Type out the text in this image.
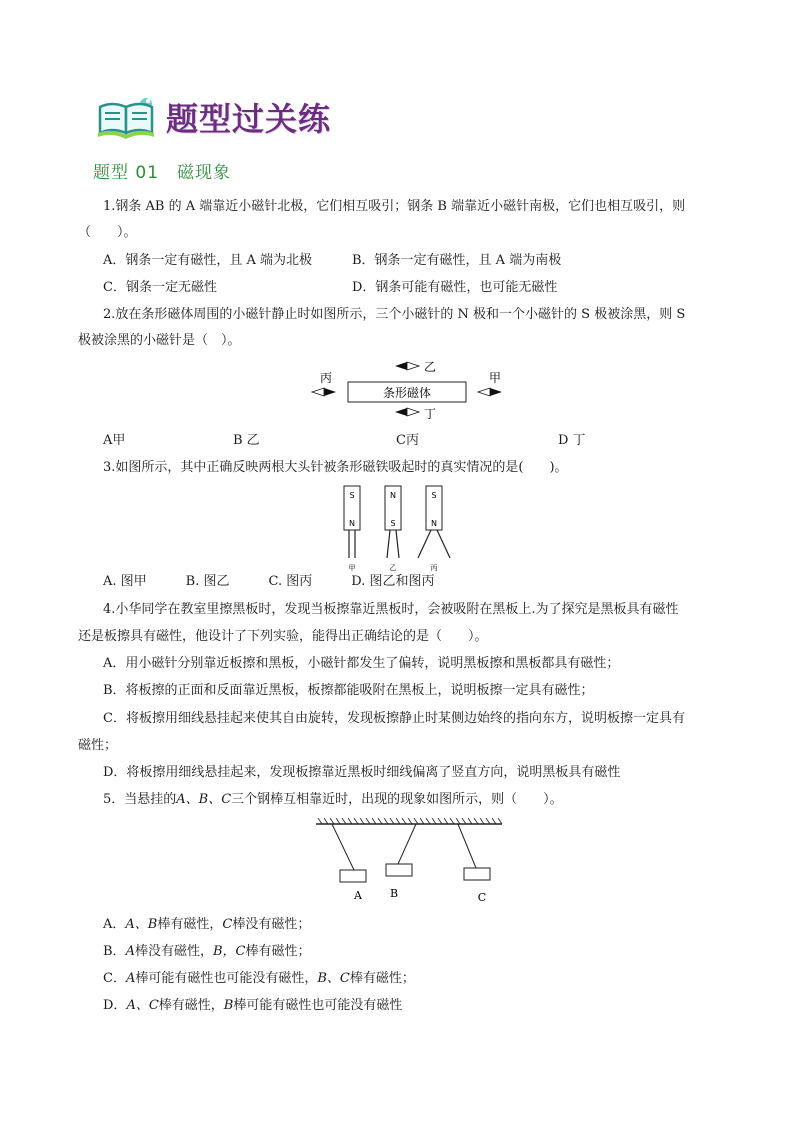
题型过关练
题型 01 磁现象
1.钢条 AB 的 A 端靠近小磁针北极，它们相互吸引；钢条 B 端靠近小磁针南极，它们也相互吸引，则
（　　）。
A．钢条一定有磁性，且 A 端为北极	B．钢条一定有磁性，且 A 端为南极
C．钢条一定无磁性	D．钢条可能有磁性，也可能无磁性
2.放在条形磁体周围的小磁针静止时如图所示，三个小磁针的 N 极和一个小磁针的 S 极被涂黑，则 S
极被涂黑的小磁针是（　）。
条形磁体
乙
丁
丙	甲
A甲	B 乙	C丙	D 丁
3.如图所示，其中正确反映两根大头针被条形磁铁吸起时的真实情况的是(　　)。
S
N
甲
N
S
乙
S
N
丙
A. 图甲　　　B. 图乙　　　C. 图丙　　　D. 图乙和图丙
4.小华同学在教室里擦黑板时，发现当板擦靠近黑板时，会被吸附在黑板上.为了探究是黑板具有磁性
还是板擦具有磁性，他设计了下列实验，能得出正确结论的是（　　）。
A．用小磁针分别靠近板擦和黑板，小磁针都发生了偏转，说明黑板擦和黑板都具有磁性；
B．将板擦的正面和反面靠近黑板，板擦都能吸附在黑板上，说明板擦一定具有磁性；
C．将板擦用细线悬挂起来使其自由旋转，发现板擦静止时某侧边始终的指向东方，说明板擦一定具有
磁性；
D．将板擦用细线悬挂起来，发现板擦靠近黑板时细线偏离了竖直方向，说明黑板具有磁性
5．当悬挂的A、B、C三个钢棒互相靠近时，出现的现象如图所示，则（　　）。
A	B	C
A．A、B棒有磁性，C棒没有磁性；
B．A棒没有磁性，B，C棒有磁性；
C．A棒可能有磁性也可能没有磁性，B、C棒有磁性；
D．A、C棒有磁性，B棒可能有磁性也可能没有磁性
